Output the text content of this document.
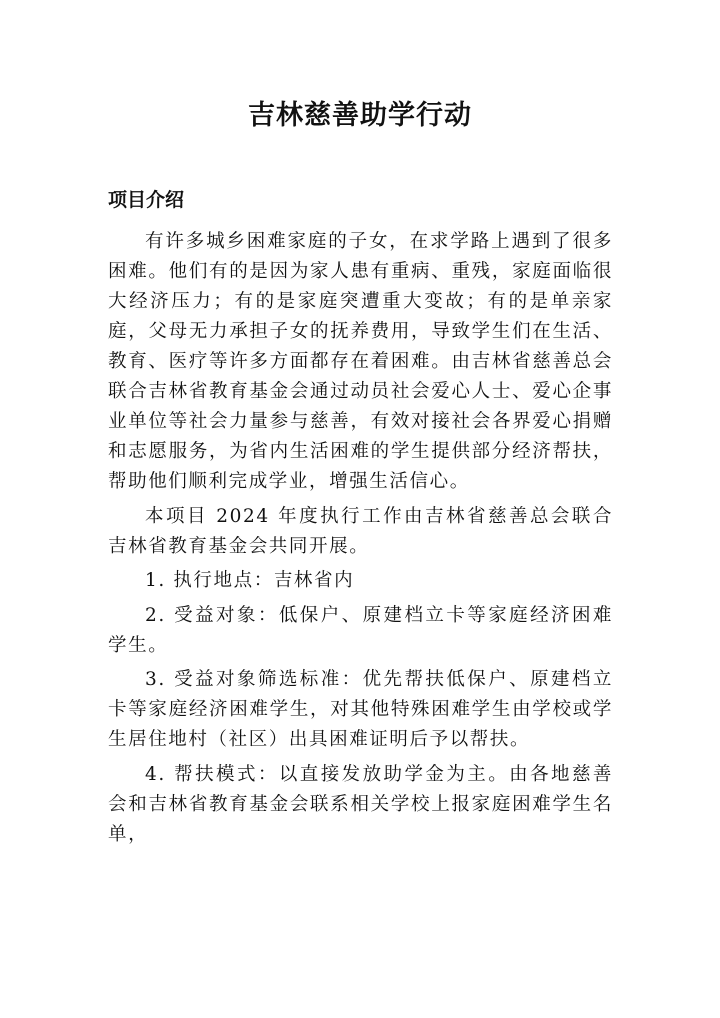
吉林慈善助学行动
项目介绍

有许多城乡困难家庭的子女，在求学路上遇到了很多困难。他们有的是因为家人患有重病、重残，家庭面临很大经济压力；有的是家庭突遭重大变故；有的是单亲家庭，父母无力承担子女的抚养费用，导致学生们在生活、教育、医疗等许多方面都存在着困难。由吉林省慈善总会联合吉林省教育基金会通过动员社会爱心人士、爱心企事业单位等社会力量参与慈善，有效对接社会各界爱心捐赠和志愿服务，为省内生活困难的学生提供部分经济帮扶，帮助他们顺利完成学业，增强生活信心。

本项目 2024 年度执行工作由吉林省慈善总会联合吉林省教育基金会共同开展。

1. 执行地点：吉林省内

2. 受益对象：低保户、原建档立卡等家庭经济困难学生。

3. 受益对象筛选标准：优先帮扶低保户、原建档立卡等家庭经济困难学生，对其他特殊困难学生由学校或学生居住地村（社区）出具困难证明后予以帮扶。

4. 帮扶模式：以直接发放助学金为主。由各地慈善会和吉林省教育基金会联系相关学校上报家庭困难学生名单，
